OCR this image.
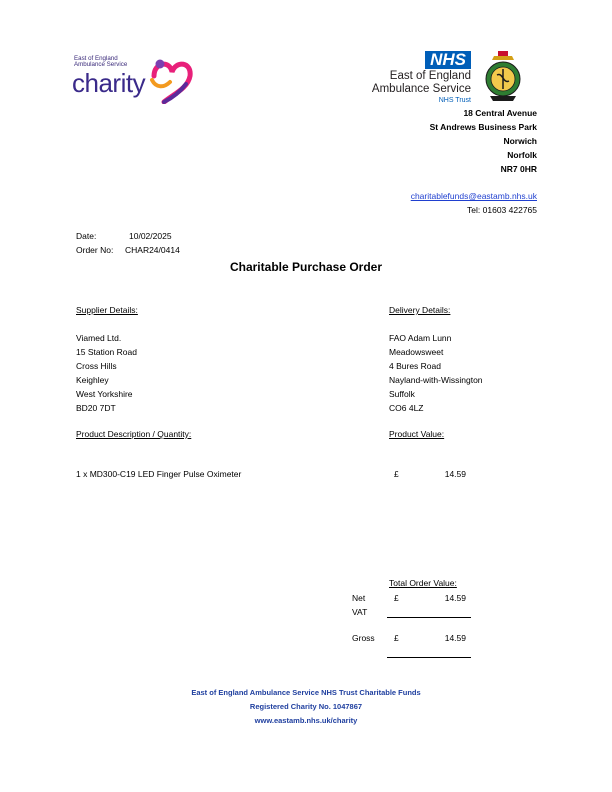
East of England
Ambulance Service
charity
NHS
East of England
Ambulance Service
NHS Trust
18 Central Avenue
St Andrews Business Park
Norwich
Norfolk
NR7 0HR
charitablefunds@eastamb.nhs.uk
Tel: 01603 422765
Date:	10/02/2025
Order No: CHAR24/0414
Charitable Purchase Order
Supplier Details:
Viamed Ltd.
15 Station Road
Cross Hills
Keighley
West Yorkshire
BD20 7DT
Delivery Details:
FAO Adam Lunn
Meadowsweet
4 Bures Road
Nayland-with-Wissington
Suffolk
CO6 4LZ
Product Description / Quantity:	Product Value:
1 x MD300-C19 LED Finger Pulse Oximeter	£	14.59
Total Order Value:
Net	£	14.59
VAT
Gross £	14.59
East of England Ambulance Service NHS Trust Charitable Funds
Registered Charity No. 1047867
www.eastamb.nhs.uk/charity
